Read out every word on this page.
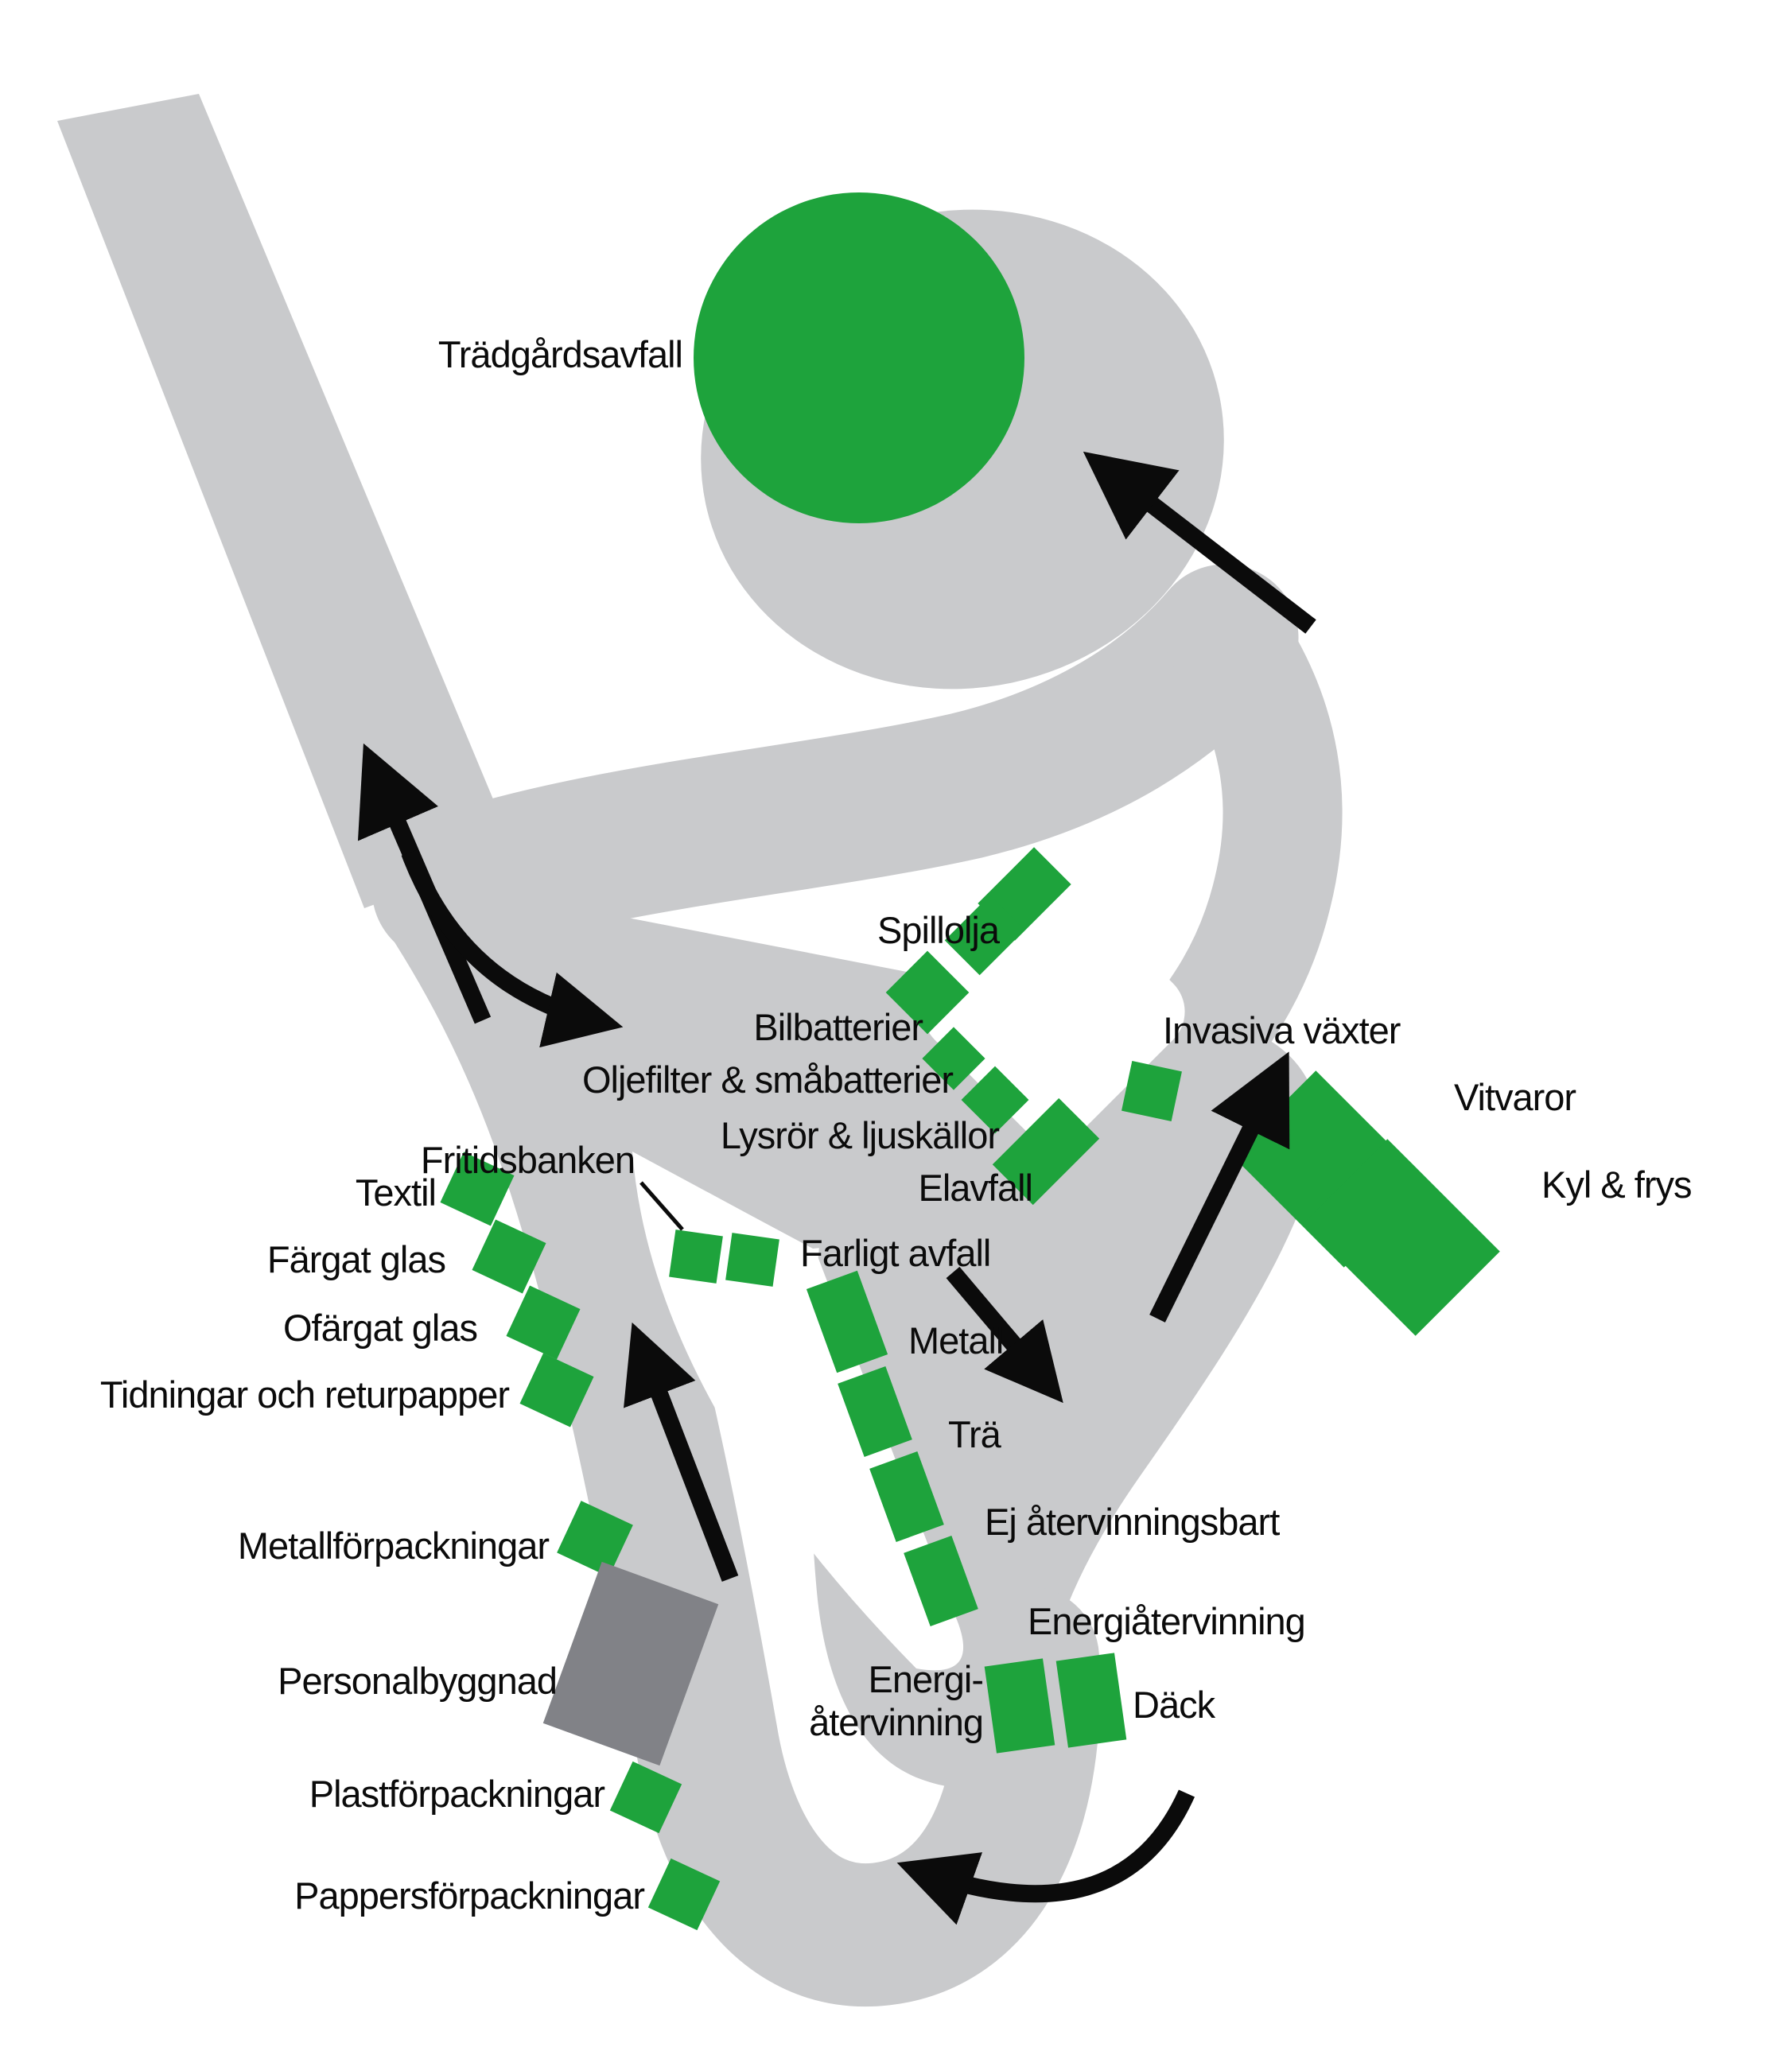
Trädgårdsavfall
Spillolja
Bilbatterier
Oljefilter & småbatterier
Lysrör & ljuskällor
Elavfall
Invasiva växter
Vitvaror
Kyl & frys
Fritidsbanken
Textil
Färgat glas
Ofärgat glas
Tidningar och returpapper
Metallförpackningar
Personalbyggnad
Plastförpackningar
Pappersförpackningar
Farligt avfall
Metall
Trä
Ej återvinningsbart
Energiåtervinning
Energi-
återvinning	Däck
